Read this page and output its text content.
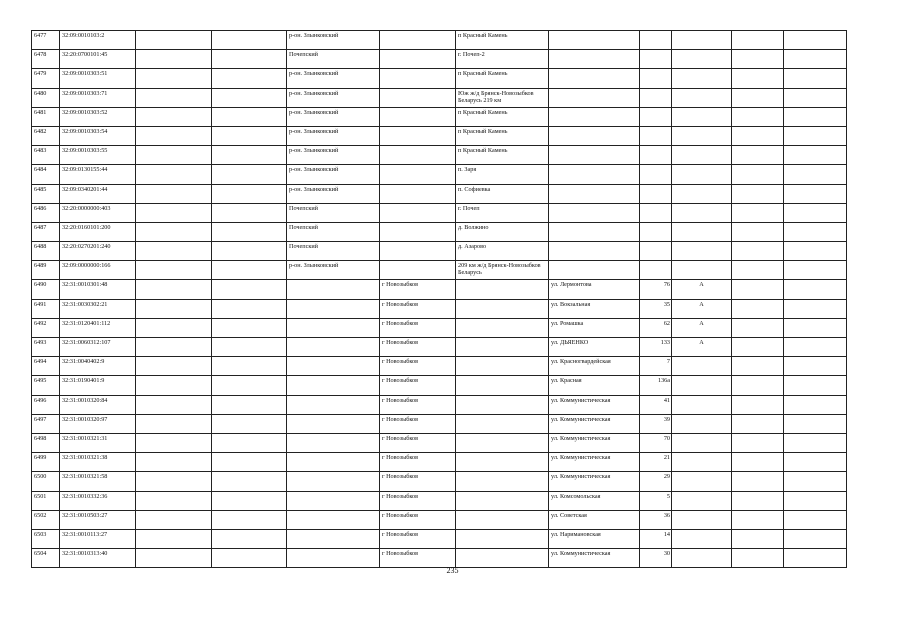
6477	32:09:0010103:2			р-он. Злынковский		п Красный Камень					
6478	32:20:0700101:45			Почепский		г. Почеп-2					
6479	32:09:0010303:51			р-он. Злынковский		п Красный Камень					
6480	32:09:0010303:71			р-он. Злынковский		Юж ж/д Брянск-Новозыбков Беларусь 219 км					
6481	32:09:0010303:52			р-он. Злынковский		п Красный Камень					
6482	32:09:0010303:54			р-он. Злынковский		п Красный Камень					
6483	32:09:0010303:55			р-он. Злынковский		п Красный Камень					
6484	32:09:0130155:44			р-он. Злынковский		п. Заря					
6485	32:09:0340201:44			р-он. Злынковский		п. Софиевка					
6486	32:20:0000000:403			Почепский		г. Почеп					
6487	32:20:0160101:200			Почепский		д. Волжино					
6488	32:20:0270201:240			Почепский		д. Азарово					
6489	32:09:0000000:166			р-он. Злынковский		209 км ж/д Брянск-Новозыбков Беларусь					
6490	32:31:0010301:48				г Новозыбков		ул. Лермонтова	76	А		
6491	32:31:0030302:21				г Новозыбков		ул. Вокзальная	35	А		
6492	32:31:0120401:112				г Новозыбков		ул. Ромашка	62	А		
6493	32:31:0060312:107				г Новозыбков		ул. ДЬЯЕНКО	133	А		
6494	32:31:0040402:9				г Новозыбков		ул. Красногвардейская	7			
6495	32:31:0190401:9				г Новозыбков		ул. Красная	136а			
6496	32:31:0010320:84				г Новозыбков		ул. Коммунистическая	41			
6497	32:31:0010320:97				г Новозыбков		ул. Коммунистическая	39			
6498	32:31:0010321:31				г Новозыбков		ул. Коммунистическая	70			
6499	32:31:0010321:38				г Новозыбков		ул. Коммунистическая	21			
6500	32:31:0010321:58				г Новозыбков		ул. Коммунистическая	29			
6501	32:31:0010332:36				г Новозыбков		ул. Комсомольская	5			
6502	32:31:0010503:27				г Новозыбков		ул. Советская	36			
6503	32:31:0010113:27				г Новозыбков		ул. Наримановская	14			
6504	32:31:0010313:40				г Новозыбков		ул. Коммунистическая	30			
235
